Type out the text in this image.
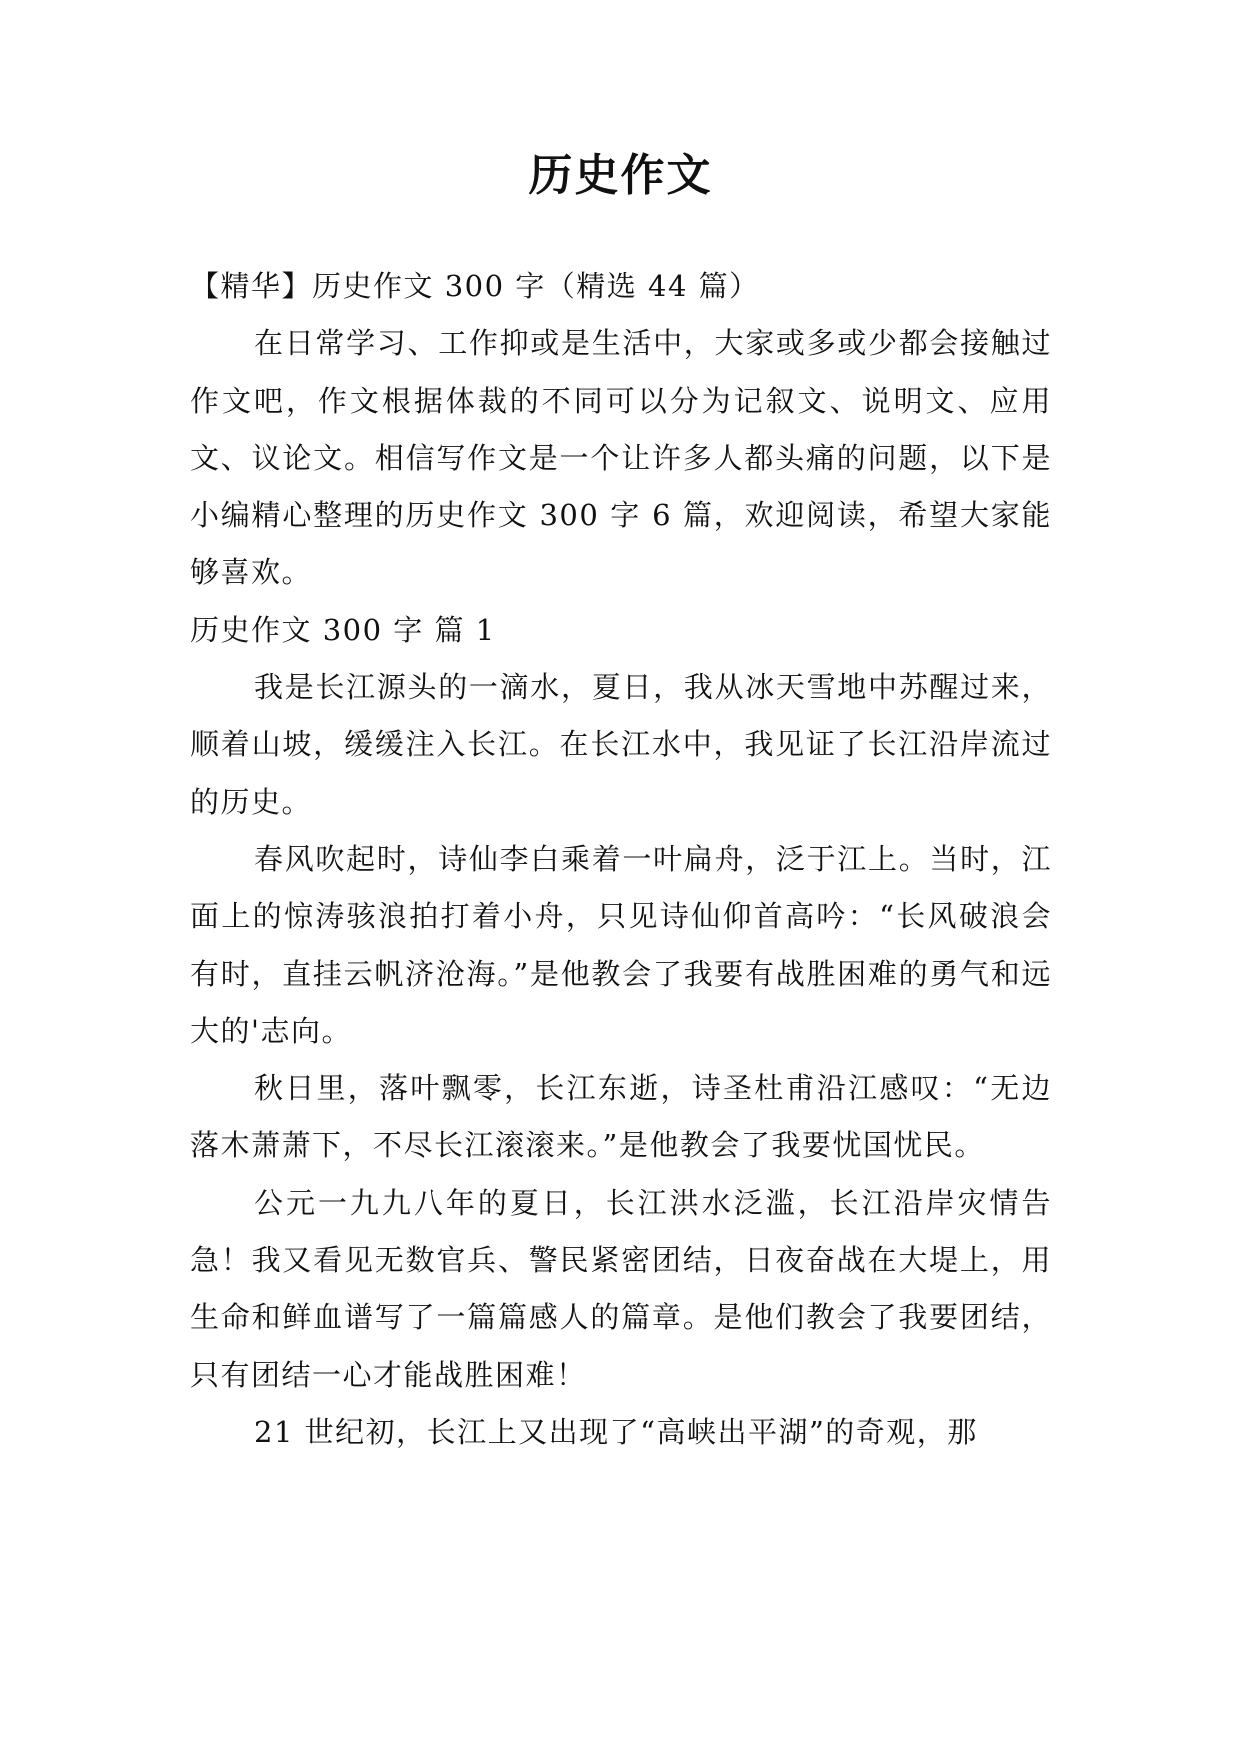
历史作文

【精华】历史作文 300 字（精选 44 篇）

在日常学习、工作抑或是生活中，大家或多或少都会接触过作文吧，作文根据体裁的不同可以分为记叙文、说明文、应用文、议论文。相信写作文是一个让许多人都头痛的问题，以下是小编精心整理的历史作文 300 字 6 篇，欢迎阅读，希望大家能够喜欢。

历史作文 300 字 篇 1

我是长江源头的一滴水，夏日，我从冰天雪地中苏醒过来，顺着山坡，缓缓注入长江。在长江水中，我见证了长江沿岸流过的历史。

春风吹起时，诗仙李白乘着一叶扁舟，泛于江上。当时，江面上的惊涛骇浪拍打着小舟，只见诗仙仰首高吟：“长风破浪会有时，直挂云帆济沧海。”是他教会了我要有战胜困难的勇气和远大的'志向。

秋日里，落叶飘零，长江东逝，诗圣杜甫沿江感叹：“无边落木萧萧下，不尽长江滚滚来。”是他教会了我要忧国忧民。

公元一九九八年的夏日，长江洪水泛滥，长江沿岸灾情告急！我又看见无数官兵、警民紧密团结，日夜奋战在大堤上，用生命和鲜血谱写了一篇篇感人的篇章。是他们教会了我要团结，只有团结一心才能战胜困难！

21 世纪初，长江上又出现了“高峡出平湖”的奇观，那
